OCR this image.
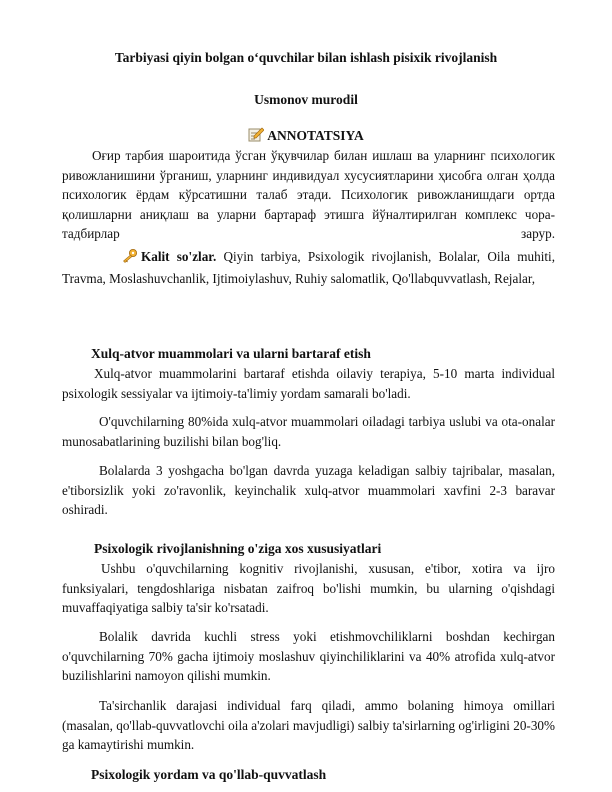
Tarbiyasi qiyin bolgan o‘quvchilar bilan ishlash pisixik rivojlanish
Usmonov murodil
ANNOTATSIYA
Оғир тарбия шароитида ўсган ўқувчилар билан ишлаш ва уларнинг психологик ривожланишини ўрганиш, уларнинг индивидуал хусусиятларини ҳисобга олган ҳолда психологик ёрдам кўрсатишни талаб этади. Психологик ривожланишдаги ортда қолишларни аниқлаш ва уларни бартараф этишга йўналтирилган комплекс чора-тадбирлар зарур.
Kalit so'zlar. Qiyin tarbiya, Psixologik rivojlanish, Bolalar, Oila muhiti, Travma, Moslashuvchanlik, Ijtimoiylashuv, Ruhiy salomatlik, Qo'llabquvvatlash, Rejalar,
Xulq-atvor muammolari va ularni bartaraf etish
Xulq-atvor muammolarini bartaraf etishda oilaviy terapiya, 5-10 marta individual psixologik sessiyalar va ijtimoiy-ta'limiy yordam samarali bo'ladi.
O'quvchilarning 80%ida xulq-atvor muammolari oiladagi tarbiya uslubi va ota-onalar munosabatlarining buzilishi bilan bog'liq.
Bolalarda 3 yoshgacha bo'lgan davrda yuzaga keladigan salbiy tajribalar, masalan, e'tiborsizlik yoki zo'ravonlik, keyinchalik xulq-atvor muammolari xavfini 2-3 baravar oshiradi.
Psixologik rivojlanishning o'ziga xos xususiyatlari
Ushbu o'quvchilarning kognitiv rivojlanishi, xususan, e'tibor, xotira va ijro funksiyalari, tengdoshlariga nisbatan zaifroq bo'lishi mumkin, bu ularning o'qishdagi muvaffaqiyatiga salbiy ta'sir ko'rsatadi.
Bolalik davrida kuchli stress yoki etishmovchiliklarni boshdan kechirgan o'quvchilarning 70% gacha ijtimoiy moslashuv qiyinchiliklarini va 40% atrofida xulq-atvor buzilishlarini namoyon qilishi mumkin.
Ta'sirchanlik darajasi individual farq qiladi, ammo bolaning himoya omillari (masalan, qo'llab-quvvatlovchi oila a'zolari mavjudligi) salbiy ta'sirlarning og'irligini 20-30% ga kamaytirishi mumkin.
Psixologik yordam va qo'llab-quvvatlash
